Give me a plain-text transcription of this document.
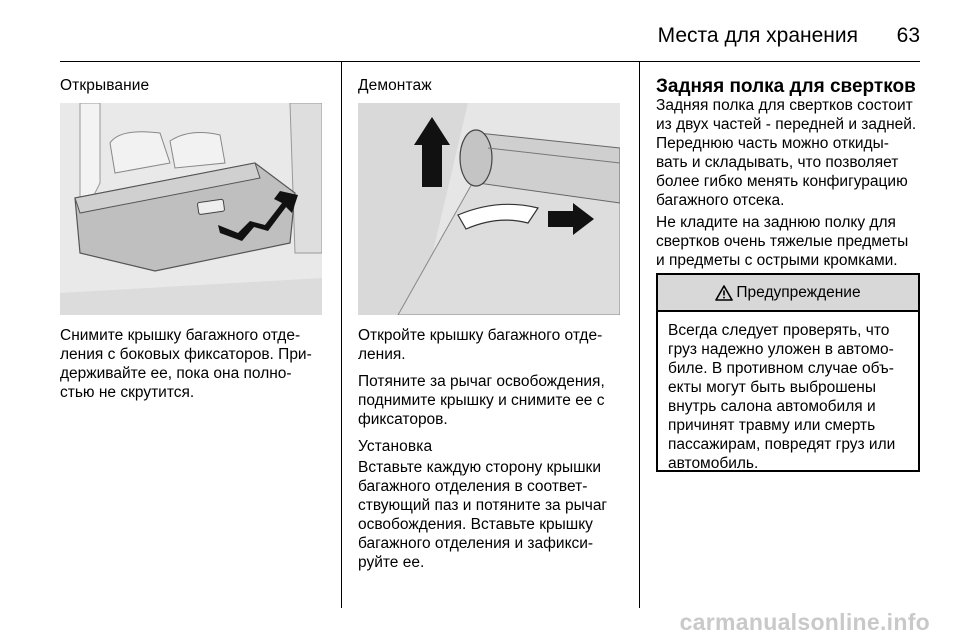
Места для хранения 63
Открывание
Снимите крышку багажного отде-
ления с боковых фиксаторов. При-
держивайте ее, пока она полно-
стью не скрутится.
Демонтаж
Откройте крышку багажного отде-
ления.
Потяните за рычаг освобождения,
поднимите крышку и снимите ее с
фиксаторов.
Установка
Вставьте каждую сторону крышки
багажного отделения в соответ-
ствующий паз и потяните за рычаг
освобождения. Вставьте крышку
багажного отделения и зафикси-
руйте ее.
Задняя полка для свертков
Задняя полка для свертков состоит
из двух частей - передней и задней.
Переднюю часть можно откиды-
вать и складывать, что позволяет
более гибко менять конфигурацию
багажного отсека.
Не кладите на заднюю полку для
свертков очень тяжелые предметы
и предметы с острыми кромками.
Предупреждение
Всегда следует проверять, что
груз надежно уложен в автомо-
биле. В противном случае объ-
екты могут быть выброшены
внутрь салона автомобиля и
причинят травму или смерть
пассажирам, повредят груз или
автомобиль.
carmanualsonline.info
